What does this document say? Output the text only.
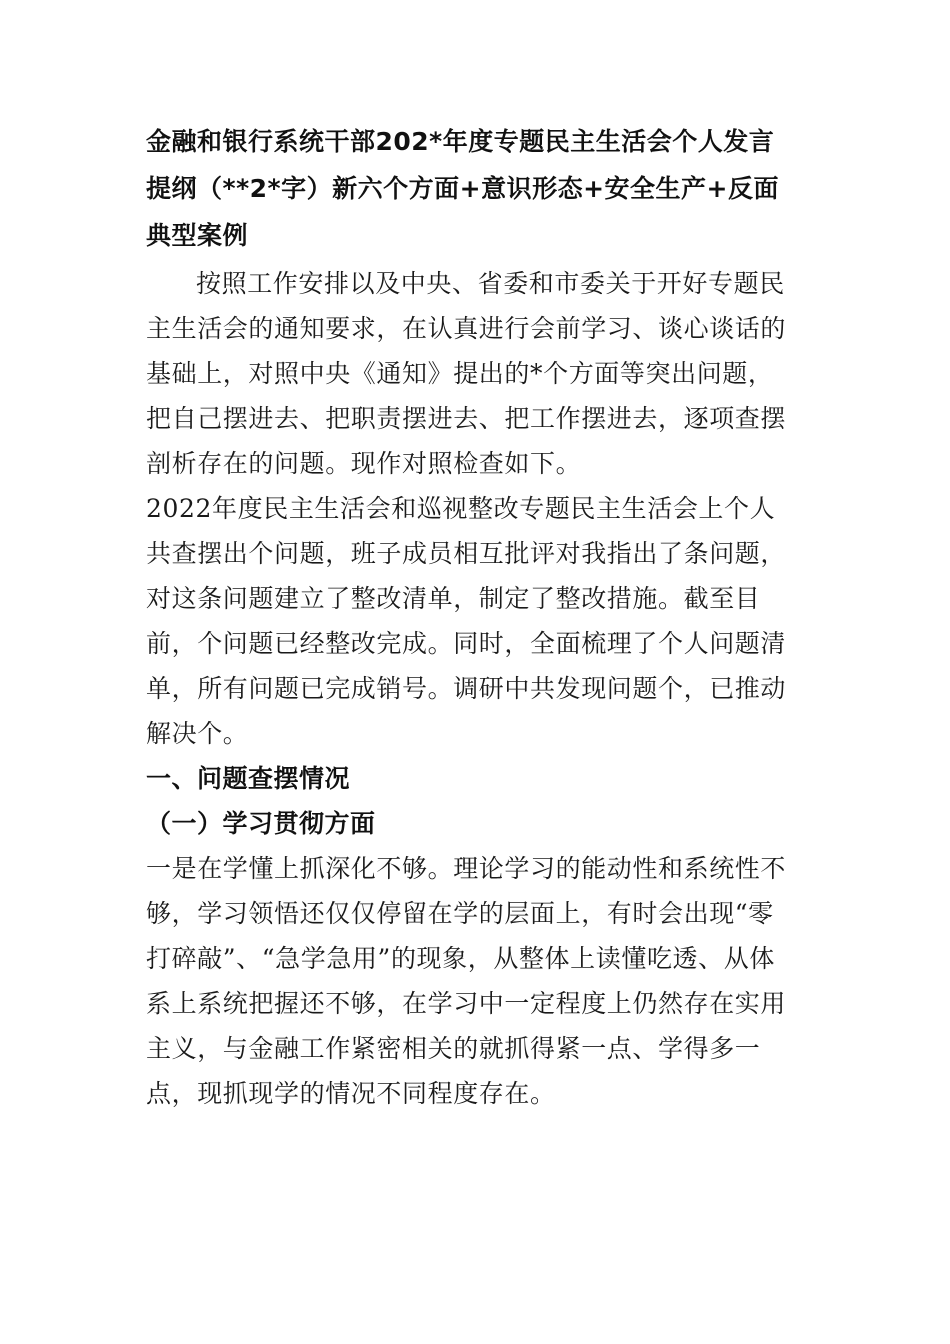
金融和银行系统干部202*年度专题民主生活会个人发言提纲（**2*字）新六个方面+意识形态+安全生产+反面典型案例

按照工作安排以及中央、省委和市委关于开好专题民主生活会的通知要求，在认真进行会前学习、谈心谈话的基础上，对照中央《通知》提出的*个方面等突出问题，把自己摆进去、把职责摆进去、把工作摆进去，逐项查摆剖析存在的问题。现作对照检查如下。

2022年度民主生活会和巡视整改专题民主生活会上个人共查摆出个问题，班子成员相互批评对我指出了条问题，对这条问题建立了整改清单，制定了整改措施。截至目前，个问题已经整改完成。同时，全面梳理了个人问题清单，所有问题已完成销号。调研中共发现问题个，已推动解决个。

一、问题查摆情况
（一）学习贯彻方面

一是在学懂上抓深化不够。理论学习的能动性和系统性不够，学习领悟还仅仅停留在学的层面上，有时会出现“零打碎敲”、“急学急用”的现象，从整体上读懂吃透、从体系上系统把握还不够，在学习中一定程度上仍然存在实用主义，与金融工作紧密相关的就抓得紧一点、学得多一点，现抓现学的情况不同程度存在。
